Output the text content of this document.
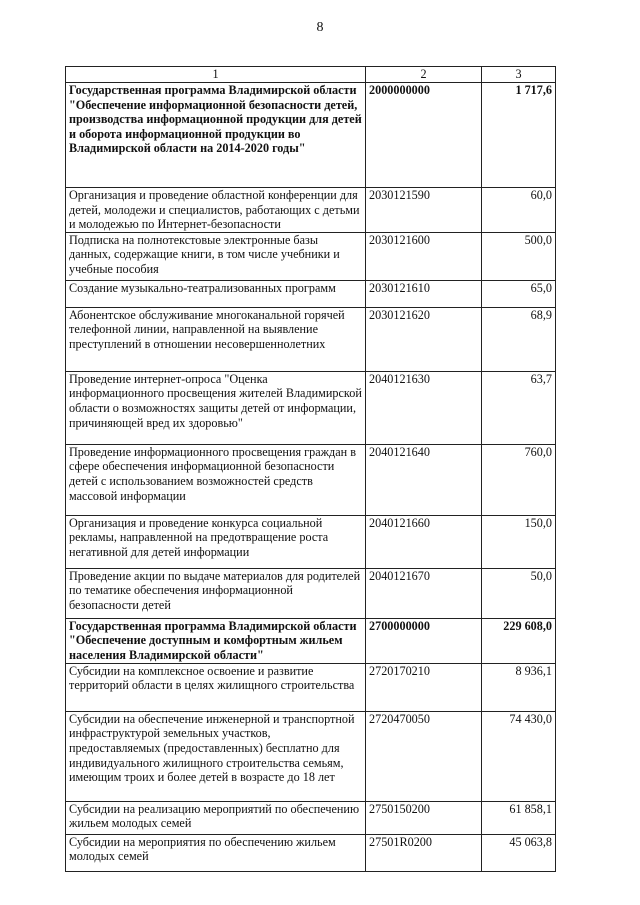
8
1	2	3
Государственная программа Владимирской области "Обеспечение информационной безопасности детей, производства информационной продукции для детей и оборота информационной продукции во Владимирской области на 2014-2020 годы"	2000000000	1 717,6
Организация и проведение областной конференции для детей, молодежи и специалистов, работающих с детьми и молодежью по Интернет-безопасности	2030121590	60,0
Подписка на полнотекстовые электронные базы данных, содержащие книги, в том числе учебники и учебные пособия	2030121600	500,0
Создание музыкально-театрализованных программ	2030121610	65,0
Абонентское обслуживание многоканальной горячей телефонной линии, направленной на выявление преступлений в отношении несовершеннолетних	2030121620	68,9
Проведение интернет-опроса "Оценка информационного просвещения жителей Владимирской области о возможностях защиты детей от информации, причиняющей вред их здоровью"	2040121630	63,7
Проведение информационного просвещения граждан в сфере обеспечения информационной безопасности детей с использованием возможностей средств массовой информации	2040121640	760,0
Организация и проведение конкурса социальной рекламы, направленной на предотвращение роста негативной для детей информации	2040121660	150,0
Проведение акции по выдаче материалов для родителей по тематике обеспечения информационной безопасности детей	2040121670	50,0
Государственная программа Владимирской области "Обеспечение доступным и комфортным жильем населения Владимирской области"	2700000000	229 608,0
Субсидии на комплексное освоение и развитие территорий области в целях жилищного строительства	2720170210	8 936,1
Субсидии на обеспечение инженерной и транспортной инфраструктурой земельных участков, предоставляемых (предоставленных) бесплатно для индивидуального жилищного строительства семьям, имеющим троих и более детей в возрасте до 18 лет	2720470050	74 430,0
Субсидии на реализацию мероприятий по обеспечению жильем молодых семей	2750150200	61 858,1
Субсидии на мероприятия по обеспечению жильем молодых семей	27501R0200	45 063,8
